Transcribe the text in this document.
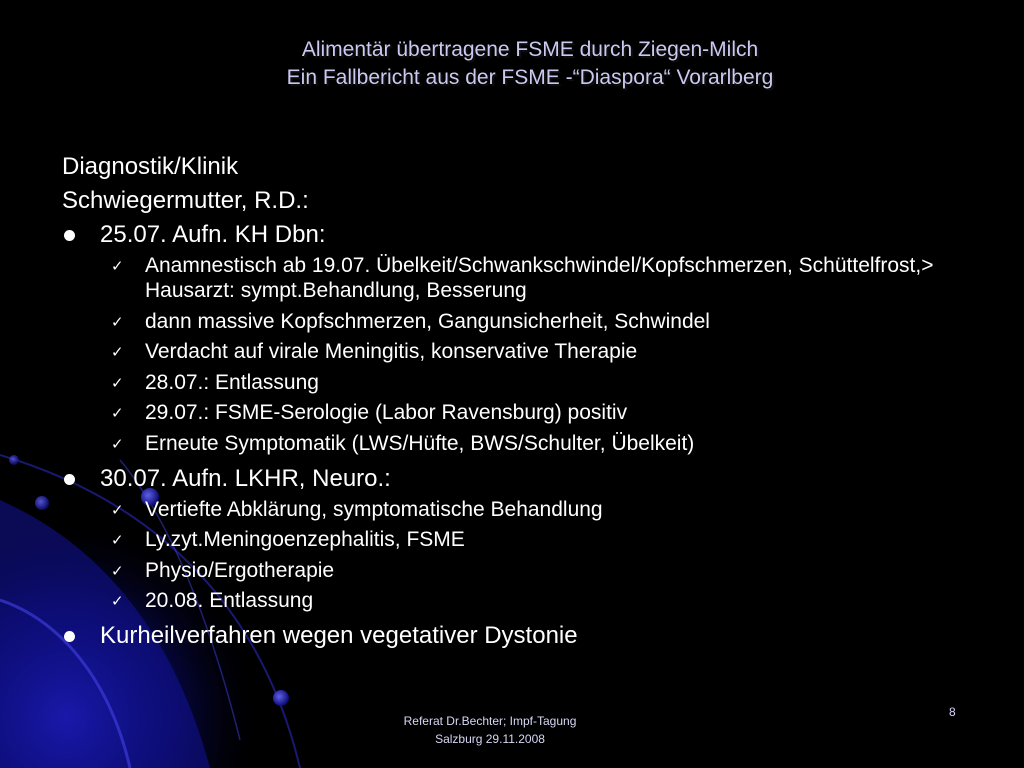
Alimentär übertragene FSME durch Ziegen-Milch
Ein Fallbericht aus der FSME -“Diaspora“ Vorarlberg
Diagnostik/Klinik
Schwiegermutter, R.D.:
25.07. Aufn. KH Dbn:
✓ Anamnestisch ab 19.07. Übelkeit/Schwankschwindel/Kopfschmerzen, Schüttelfrost,> Hausarzt: sympt.Behandlung, Besserung
✓ dann massive Kopfschmerzen, Gangunsicherheit, Schwindel
✓ Verdacht auf virale Meningitis, konservative Therapie
✓ 28.07.: Entlassung
✓ 29.07.: FSME-Serologie (Labor Ravensburg) positiv
✓ Erneute Symptomatik (LWS/Hüfte, BWS/Schulter, Übelkeit)
30.07. Aufn. LKHR, Neuro.:
✓ Vertiefte Abklärung, symptomatische Behandlung
✓ Ly.zyt.Meningoenzephalitis, FSME
✓ Physio/Ergotherapie
✓ 20.08. Entlassung
Kurheilverfahren wegen vegetativer Dystonie
Referat Dr.Bechter; Impf-Tagung
Salzburg 29.11.2008
8
